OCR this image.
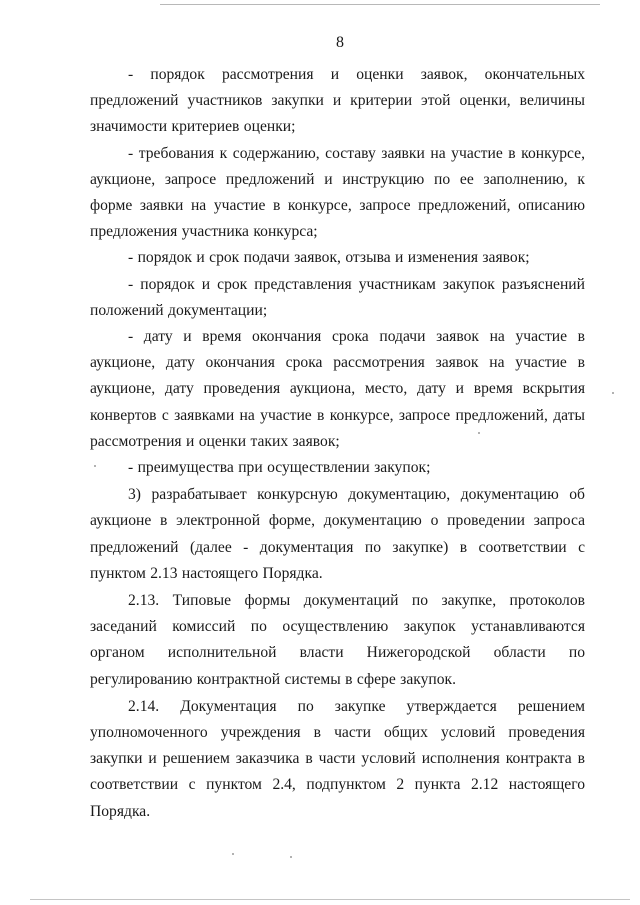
8

- порядок рассмотрения и оценки заявок, окончательных предложений участников закупки и критерии этой оценки, величины значимости критериев оценки;

- требования к содержанию, составу заявки на участие в конкурсе, аукционе, запросе предложений и инструкцию по ее заполнению, к форме заявки на участие в конкурсе, запросе предложений, описанию предложения участника конкурса;

- порядок и срок подачи заявок, отзыва и изменения заявок;

- порядок и срок представления участникам закупок разъяснений положений документации;

- дату и время окончания срока подачи заявок на участие в аукционе, дату окончания срока рассмотрения заявок на участие в аукционе, дату проведения аукциона, место, дату и время вскрытия конвертов с заявками на участие в конкурсе, запросе предложений, даты рассмотрения и оценки таких заявок;

- преимущества при осуществлении закупок;

3) разрабатывает конкурсную документацию, документацию об аукционе в электронной форме, документацию о проведении запроса предложений (далее - документация по закупке) в соответствии с пунктом 2.13 настоящего Порядка.

2.13. Типовые формы документаций по закупке, протоколов заседаний комиссий по осуществлению закупок устанавливаются органом исполнительной власти Нижегородской области по регулированию контрактной системы в сфере закупок.

2.14. Документация по закупке утверждается решением уполномоченного учреждения в части общих условий проведения закупки и решением заказчика в части условий исполнения контракта в соответствии с пунктом 2.4, подпунктом 2 пункта 2.12 настоящего Порядка.
